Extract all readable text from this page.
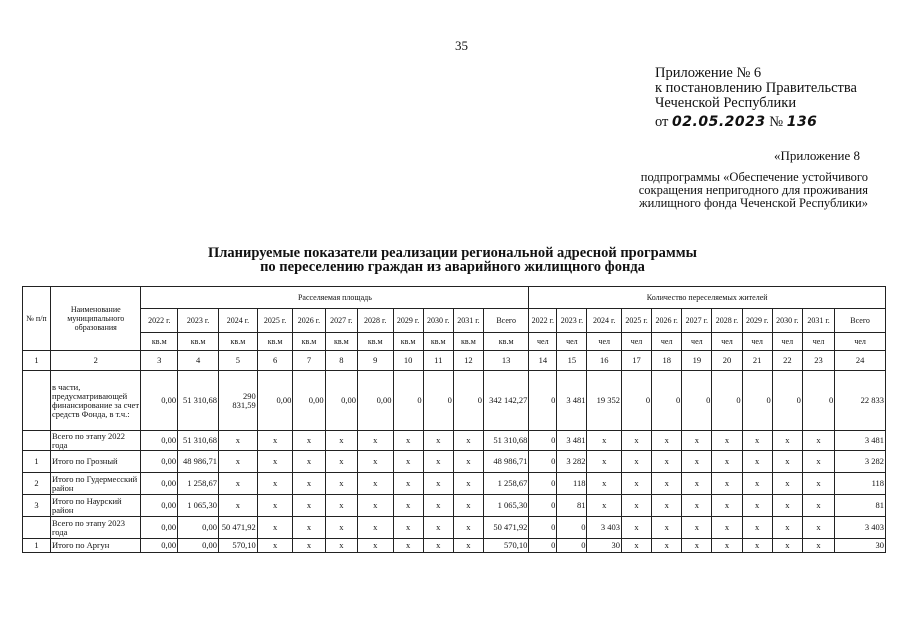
35
Приложение № 6
к постановлению Правительства
Чеченской Республики
от 02.05.2023 № 136
«Приложение 8
подпрограммы «Обеспечение устойчивого
сокращения непригодного для проживания
жилищного фонда Чеченской Республики»
Планируемые показатели реализации региональной адресной программы
по переселению граждан из аварийного жилищного фонда
№ п/п	Наименование муниципального образования	Расселяемая площадь											Количество переселяемых жителей										
		2022 г.	2023 г.	2024 г.	2025 г.	2026 г.	2027 г.	2028 г.	2029 г.	2030 г.	2031 г.	Всего	2022 г.	2023 г.	2024 г.	2025 г.	2026 г.	2027 г.	2028 г.	2029 г.	2030 г.	2031 г.	Всего
		кв.м	кв.м	кв.м	кв.м	кв.м	кв.м	кв.м	кв.м	кв.м	кв.м	кв.м	чел	чел	чел	чел	чел	чел	чел	чел	чел	чел	чел
1	2	3	4	5	6	7	8	9	10	11	12	13	14	15	16	17	18	19	20	21	22	23	24
	в части, предусматривающей финансирование за счет средств Фонда, в т.ч.:	0,00	51 310,68	290 831,59	0,00	0,00	0,00	0,00	0	0	0	342 142,27	0	3 481	19 352	0	0	0	0	0	0	0	22 833
	Всего по этапу 2022 года	0,00	51 310,68	x	x	x	x	x	x	x	x	51 310,68	0	3 481	x	x	x	x	x	x	x	x	3 481
1	Итого по Грозный	0,00	48 986,71	x	x	x	x	x	x	x	x	48 986,71	0	3 282	x	x	x	x	x	x	x	x	3 282
2	Итого по Гудермесский район	0,00	1 258,67	x	x	x	x	x	x	x	x	1 258,67	0	118	x	x	x	x	x	x	x	x	118
3	Итого по Наурский район	0,00	1 065,30	x	x	x	x	x	x	x	x	1 065,30	0	81	x	x	x	x	x	x	x	x	81
	Всего по этапу 2023 года	0,00	0,00	50 471,92	x	x	x	x	x	x	x	50 471,92	0	0	3 403	x	x	x	x	x	x	x	3 403
1	Итого по Аргун	0,00	0,00	570,10	x	x	x	x	x	x	x	570,10	0	0	30	x	x	x	x	x	x	x	30
